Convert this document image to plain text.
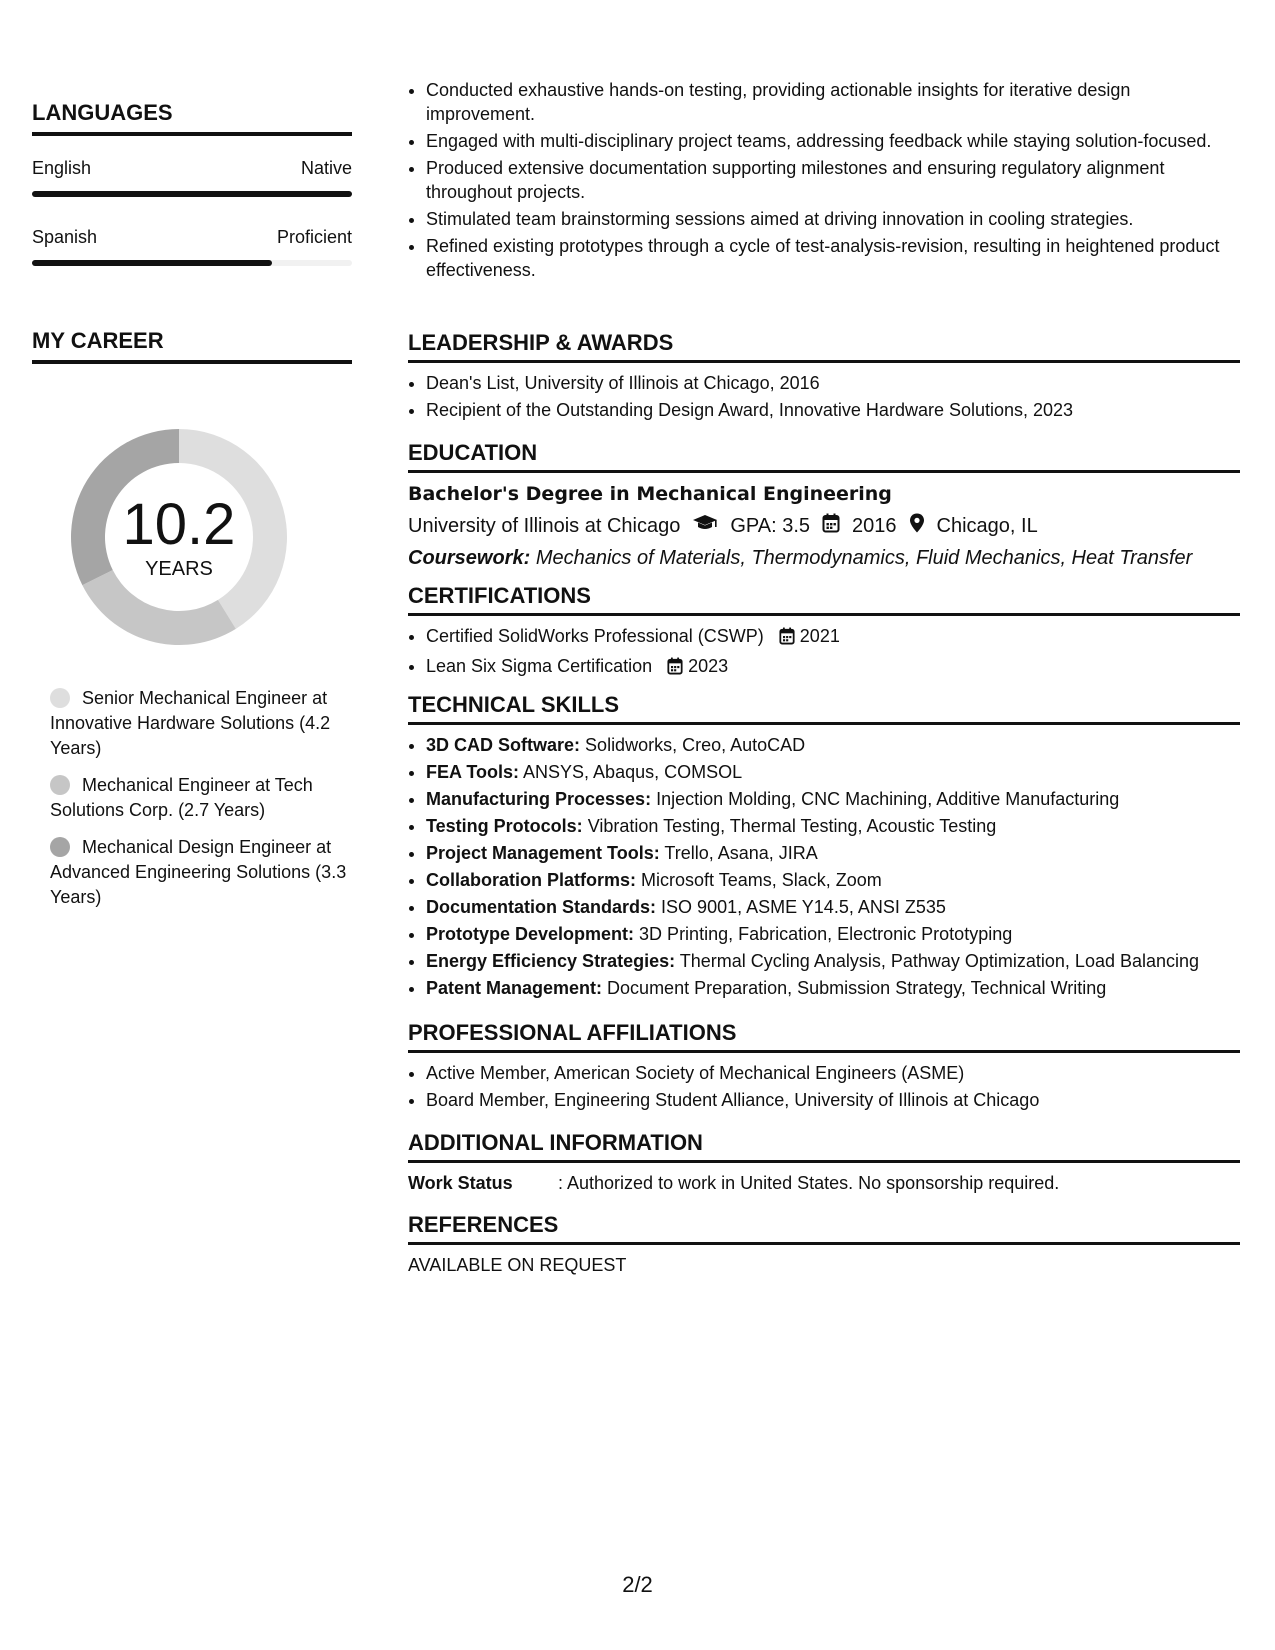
LANGUAGES
English	Native
Spanish	Proficient
MY CAREER
10.2
YEARS
Senior Mechanical Engineer at Innovative Hardware Solutions (4.2 Years)
Mechanical Engineer at Tech Solutions Corp. (2.7 Years)
Mechanical Design Engineer at Advanced Engineering Solutions (3.3 Years)
• Conducted exhaustive hands-on testing, providing actionable insights for iterative design improvement.
• Engaged with multi-disciplinary project teams, addressing feedback while staying solution-focused.
• Produced extensive documentation supporting milestones and ensuring regulatory alignment throughout projects.
• Stimulated team brainstorming sessions aimed at driving innovation in cooling strategies.
• Refined existing prototypes through a cycle of test-analysis-revision, resulting in heightened product effectiveness.
LEADERSHIP & AWARDS
• Dean's List, University of Illinois at Chicago, 2016
• Recipient of the Outstanding Design Award, Innovative Hardware Solutions, 2023
EDUCATION
Bachelor's Degree in Mechanical Engineering
University of Illinois at Chicago	GPA: 3.5 2016 Chicago, IL
Coursework: Mechanics of Materials, Thermodynamics, Fluid Mechanics, Heat Transfer
CERTIFICATIONS
• Certified SolidWorks Professional (CSWP) 2021
• Lean Six Sigma Certification 2023
TECHNICAL SKILLS
• 3D CAD Software: Solidworks, Creo, AutoCAD
• FEA Tools: ANSYS, Abaqus, COMSOL
• Manufacturing Processes: Injection Molding, CNC Machining, Additive Manufacturing
• Testing Protocols: Vibration Testing, Thermal Testing, Acoustic Testing
• Project Management Tools: Trello, Asana, JIRA
• Collaboration Platforms: Microsoft Teams, Slack, Zoom
• Documentation Standards: ISO 9001, ASME Y14.5, ANSI Z535
• Prototype Development: 3D Printing, Fabrication, Electronic Prototyping
• Energy Efficiency Strategies: Thermal Cycling Analysis, Pathway Optimization, Load Balancing
• Patent Management: Document Preparation, Submission Strategy, Technical Writing
PROFESSIONAL AFFILIATIONS
• Active Member, American Society of Mechanical Engineers (ASME)
• Board Member, Engineering Student Alliance, University of Illinois at Chicago
ADDITIONAL INFORMATION
Work Status	: Authorized to work in United States. No sponsorship required.
REFERENCES
AVAILABLE ON REQUEST
2/2
